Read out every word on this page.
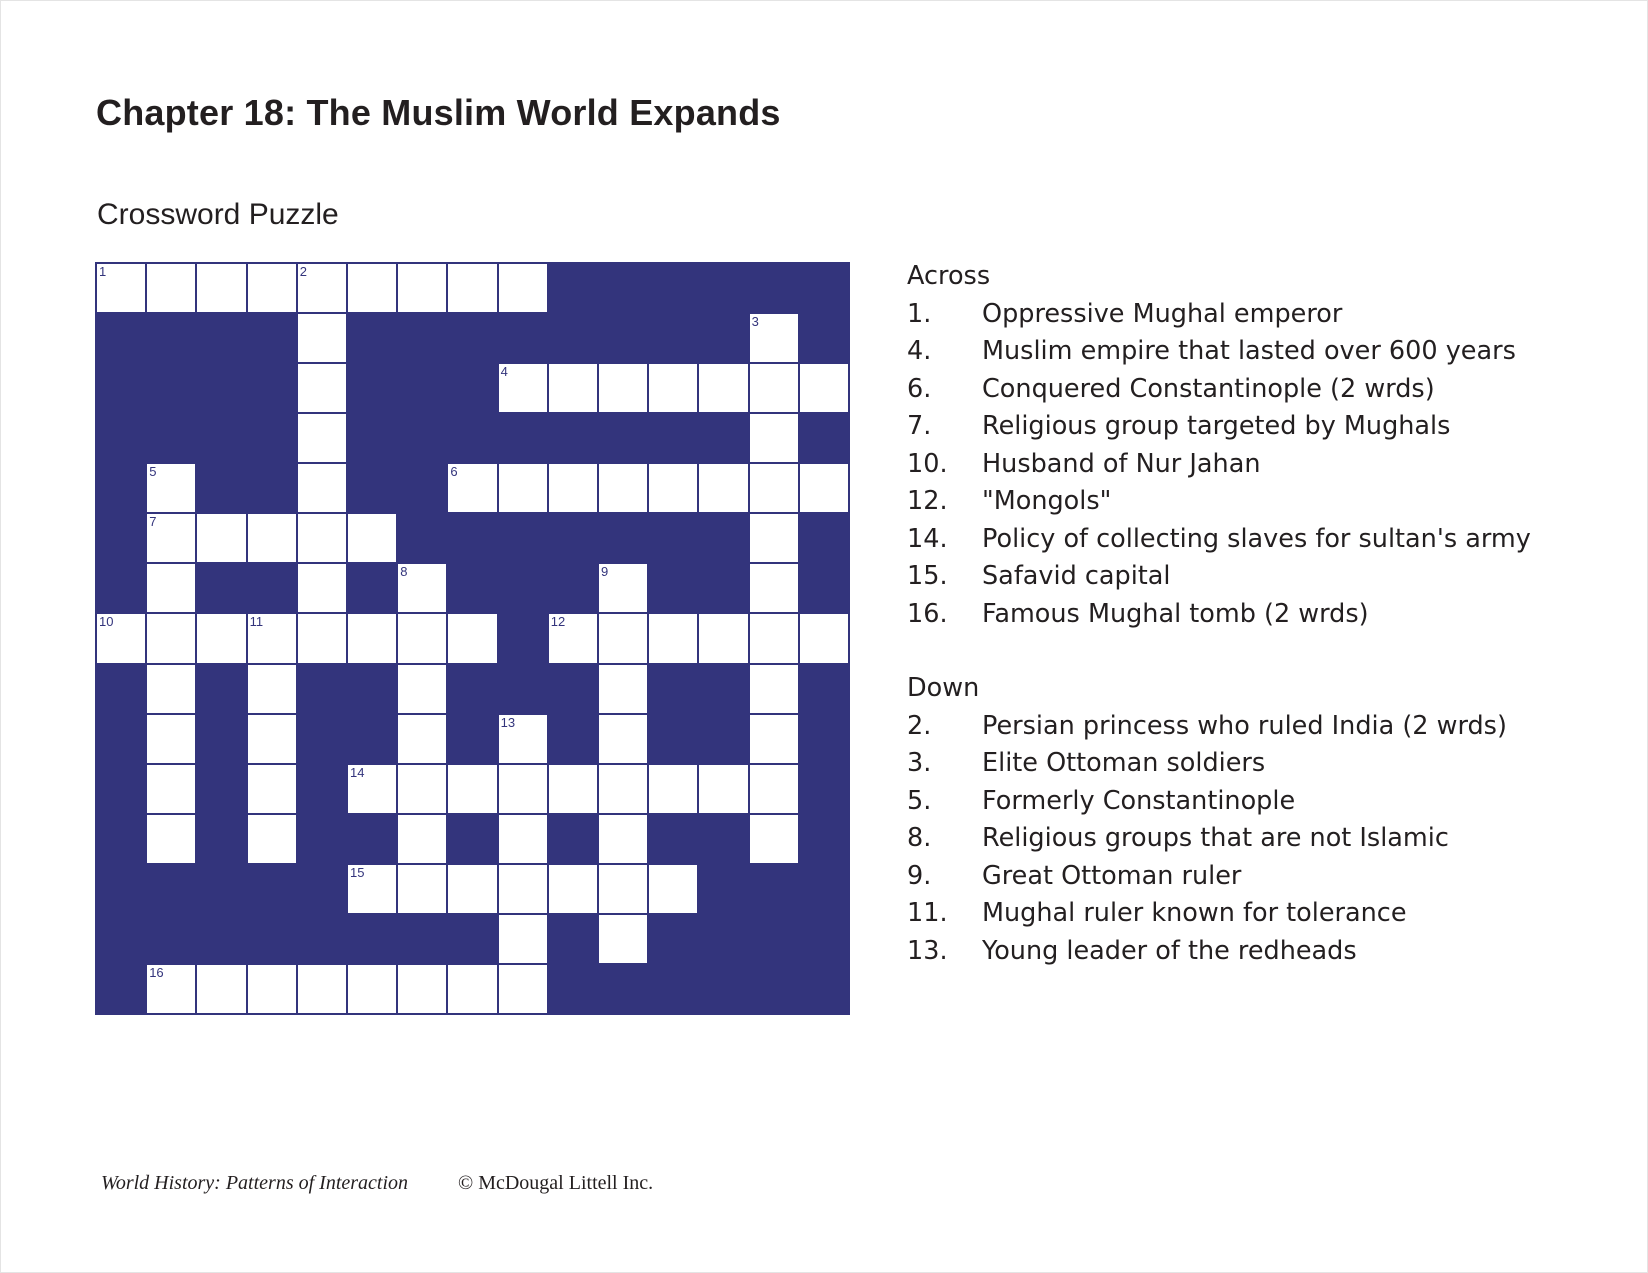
Chapter 18: The Muslim World Expands
Crossword Puzzle
1	2
3
4
5	6
7
8	9
10	11	12
13
14
15
16
Across
1.	Oppressive Mughal emperor
4.	Muslim empire that lasted over 600 years
6.	Conquered Constantinople (2 wrds)
7.	Religious group targeted by Mughals
10.	Husband of Nur Jahan
12.	"Mongols"
14.	Policy of collecting slaves for sultan's army
15.	Safavid capital
16.	Famous Mughal tomb (2 wrds)
Down
2.	Persian princess who ruled India (2 wrds)
3.	Elite Ottoman soldiers
5.	Formerly Constantinople
8.	Religious groups that are not Islamic
9.	Great Ottoman ruler
11.	Mughal ruler known for tolerance
13.	Young leader of the redheads
World History: Patterns of Interaction © McDougal Littell Inc.
